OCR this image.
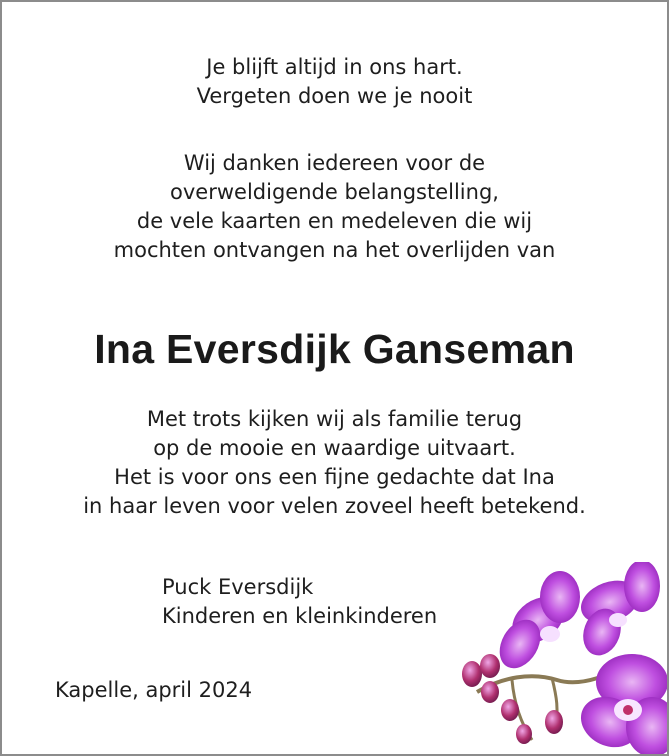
Je blijft altijd in ons hart.
Vergeten doen we je nooit
Wij danken iedereen voor de
overweldigende belangstelling,
de vele kaarten en medeleven die wij
mochten ontvangen na het overlijden van
Ina Eversdijk Ganseman
Met trots kijken wij als familie terug
op de mooie en waardige uitvaart.
Het is voor ons een fijne gedachte dat Ina
in haar leven voor velen zoveel heeft betekend.
Puck Eversdijk
Kinderen en kleinkinderen
Kapelle, april 2024
